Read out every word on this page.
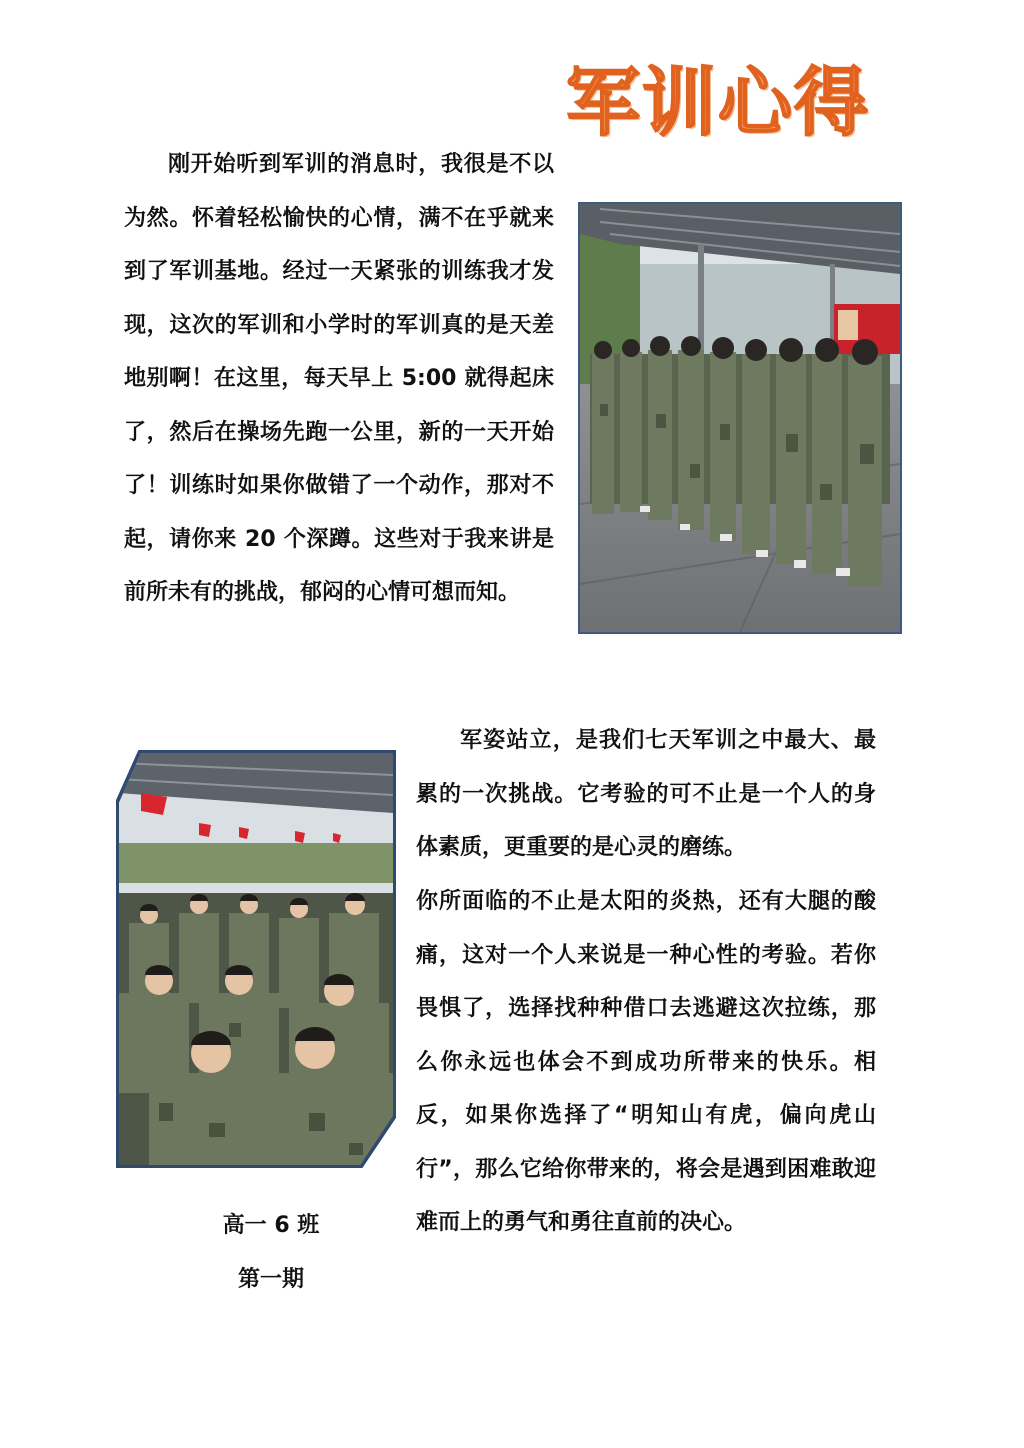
军训心得

刚开始听到军训的消息时，我很是不以为然。怀着轻松愉快的心情，满不在乎就来到了军训基地。经过一天紧张的训练我才发现，这次的军训和小学时的军训真的是天差地别啊！在这里，每天早上 5:00 就得起床了，然后在操场先跑一公里，新的一天开始了！训练时如果你做错了一个动作，那对不起，请你来 20 个深蹲。这些对于我来讲是前所未有的挑战，郁闷的心情可想而知。

军姿站立，是我们七天军训之中最大、最累的一次挑战。它考验的可不止是一个人的身体素质，更重要的是心灵的磨练。

你所面临的不止是太阳的炎热，还有大腿的酸痛，这对一个人来说是一种心性的考验。若你畏惧了，选择找种种借口去逃避这次拉练，那么你永远也体会不到成功所带来的快乐。相反，如果你选择了“明知山有虎，偏向虎山行”，那么它给你带来的，将会是遇到困难敢迎难而上的勇气和勇往直前的决心。

高一 6 班
第一期
